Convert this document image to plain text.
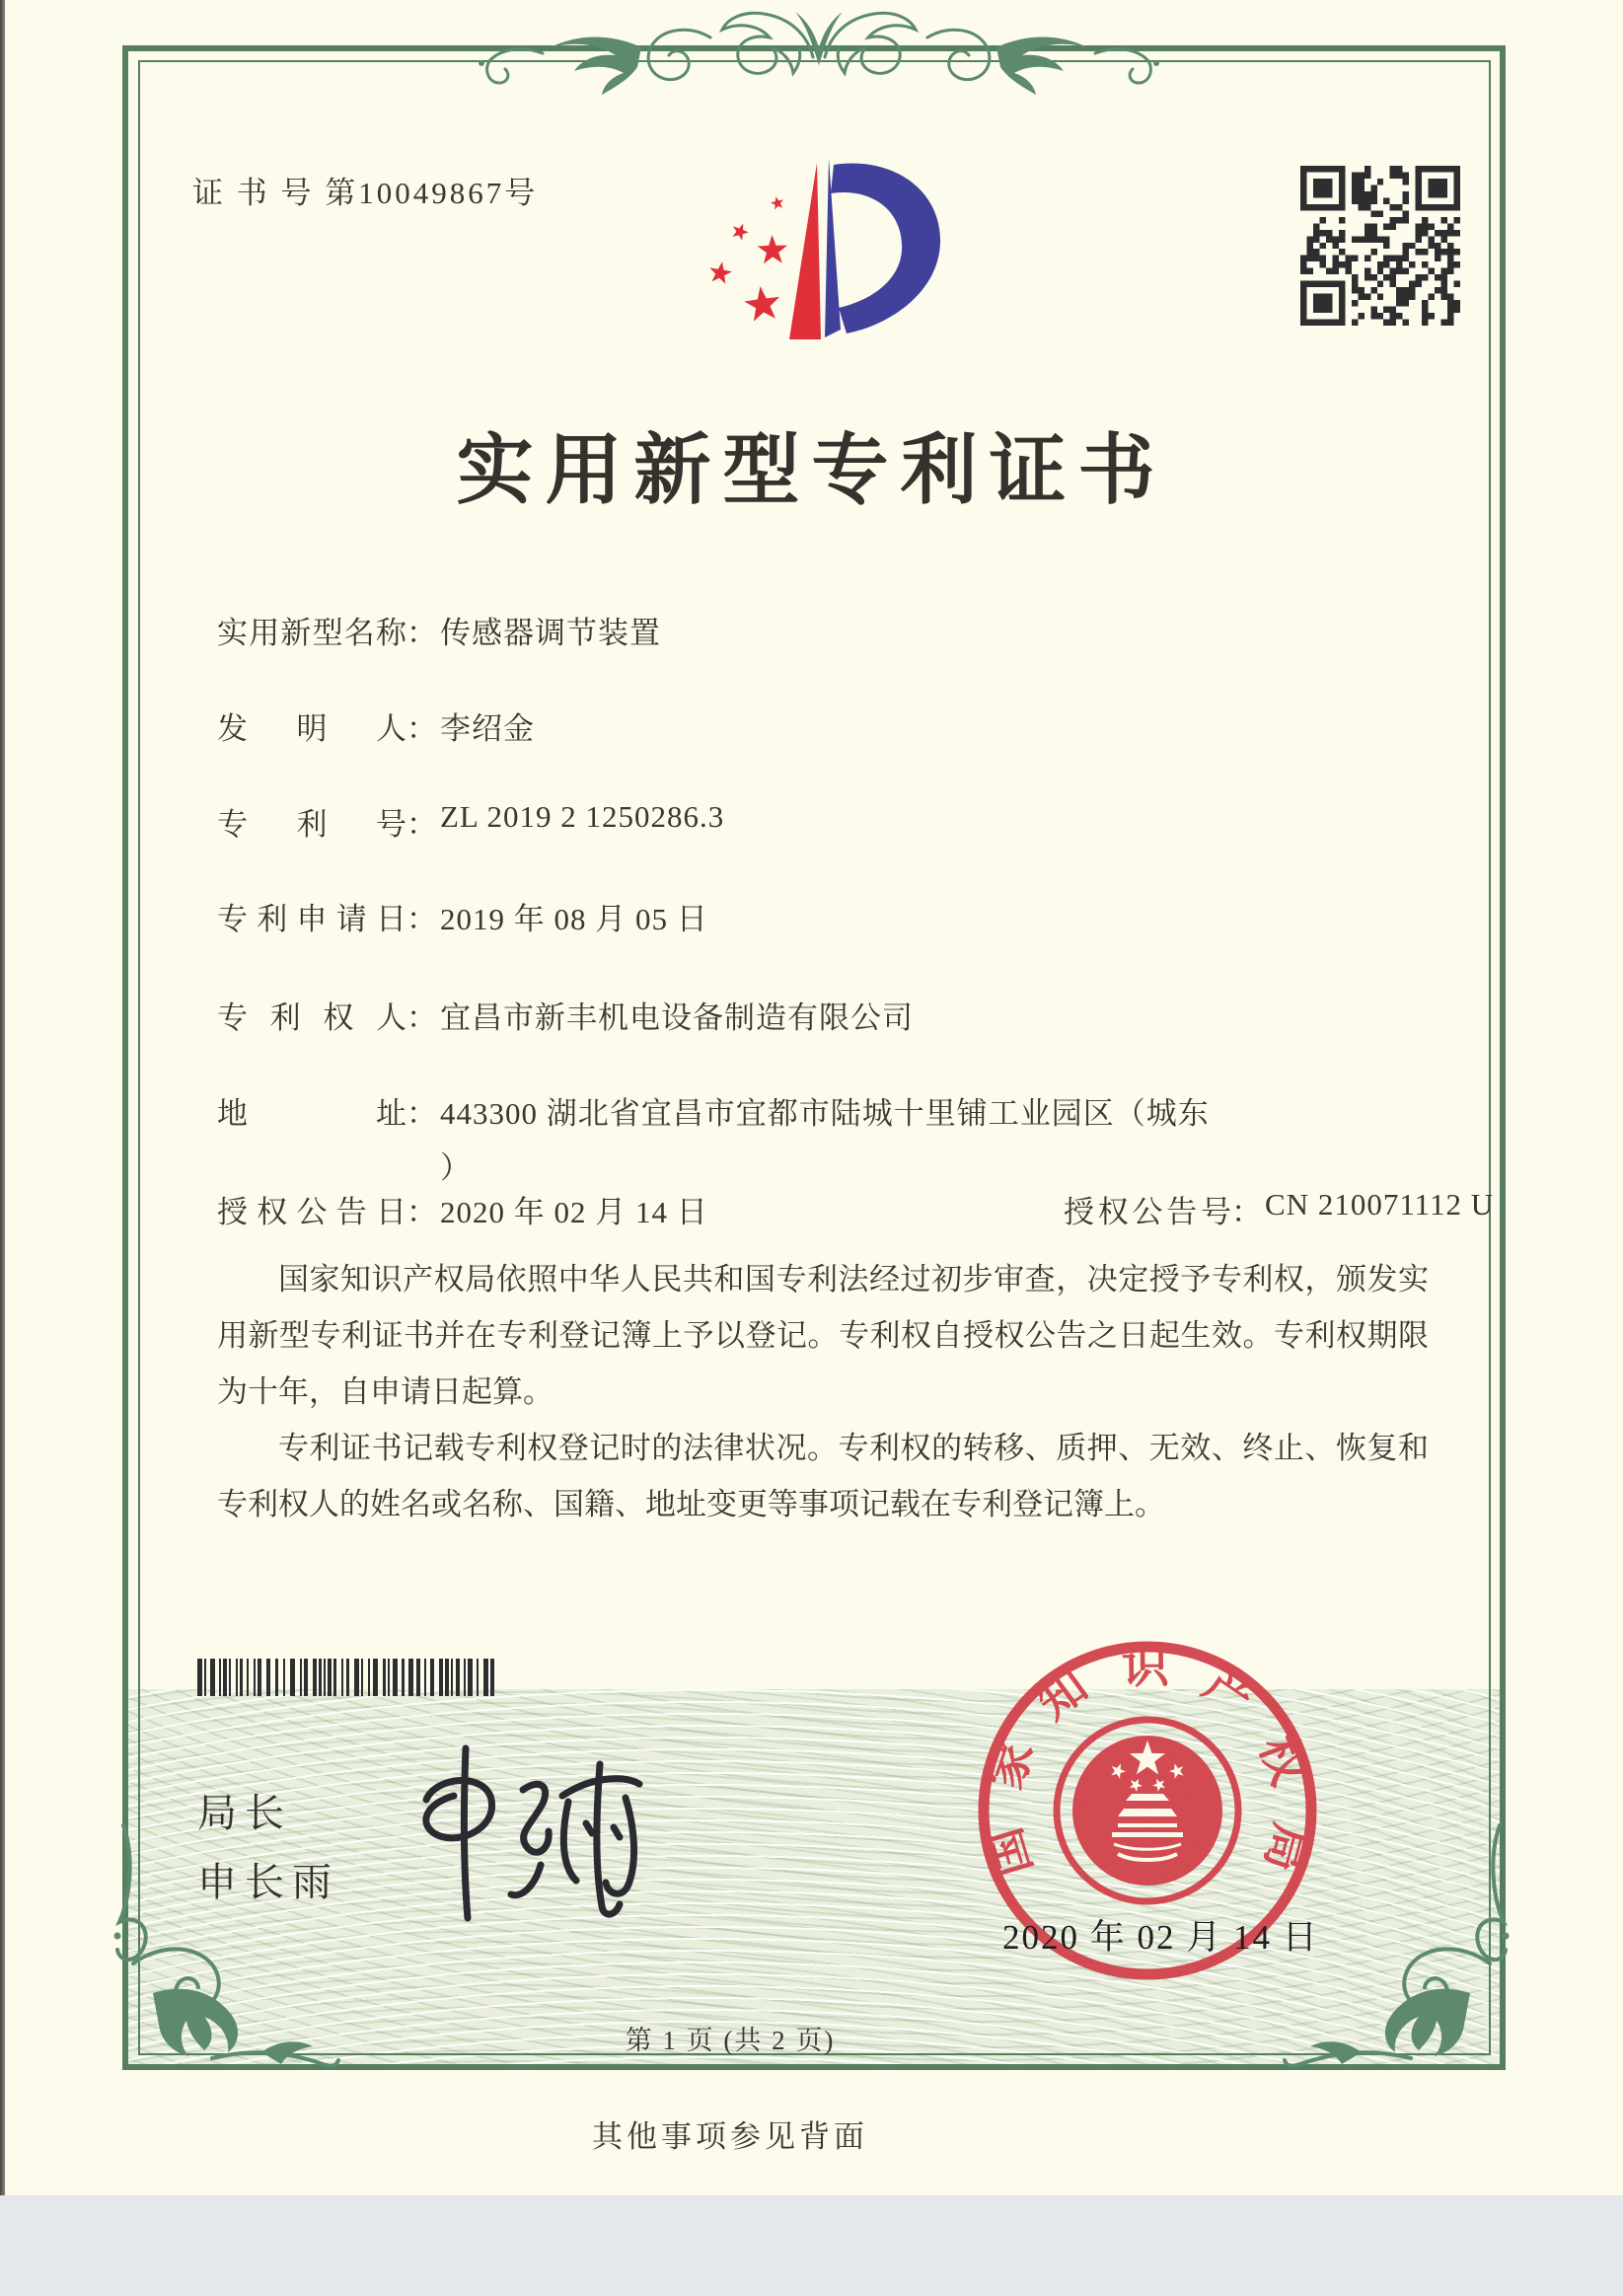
证 书 号 第10049867号
实用新型专利证书
实用新型名称：传感器调节装置
发明人：李绍金
专利号：ZL 2019 2 1250286.3
专利申请日：2019 年 08 月 05 日
专利权人：宜昌市新丰机电设备制造有限公司
地址：443300 湖北省宜昌市宜都市陆城十里铺工业园区（城东
）
授权公告日：2020 年 02 月 14 日	授权公告号：CN 210071112 U

国家知识产权局依照中华人民共和国专利法经过初步审查，决定授予专利权，颁发实用新型专利证书并在专利登记簿上予以登记。专利权自授权公告之日起生效。专利权期限为十年，自申请日起算。

专利证书记载专利权登记时的法律状况。专利权的转移、质押、无效、终止、恢复和专利权人的姓名或名称、国籍、地址变更等事项记载在专利登记簿上。

局长
申长雨	国家知识产权局
2020 年 02 月 14 日
第 1 页 (共 2 页)
其他事项参见背面
